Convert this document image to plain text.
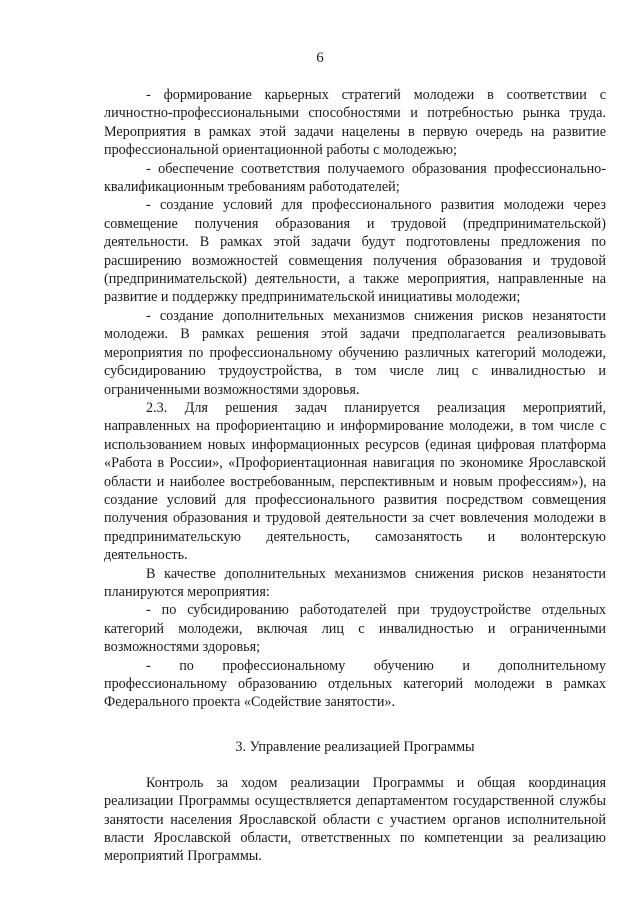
6

- формирование карьерных стратегий молодежи в соответствии с личностно-профессиональными способностями и потребностью рынка труда. Мероприятия в рамках этой задачи нацелены в первую очередь на развитие профессиональной ориентационной работы с молодежью;

- обеспечение соответствия получаемого образования профессионально-квалификационным требованиям работодателей;

- создание условий для профессионального развития молодежи через совмещение получения образования и трудовой (предпринимательской) деятельности. В рамках этой задачи будут подготовлены предложения по расширению возможностей совмещения получения образования и трудовой (предпринимательской) деятельности, а также мероприятия, направленные на развитие и поддержку предпринимательской инициативы молодежи;

- создание дополнительных механизмов снижения рисков незанятости молодежи. В рамках решения этой задачи предполагается реализовывать мероприятия по профессиональному обучению различных категорий молодежи, субсидированию трудоустройства, в том числе лиц с инвалидностью и ограниченными возможностями здоровья.

2.3. Для решения задач планируется реализация мероприятий, направленных на профориентацию и информирование молодежи, в том числе с использованием новых информационных ресурсов (единая цифровая платформа «Работа в России», «Профориентационная навигация по экономике Ярославской области и наиболее востребованным, перспективным и новым профессиям»), на создание условий для профессионального развития посредством совмещения получения образования и трудовой деятельности за счет вовлечения молодежи в предпринимательскую деятельность, самозанятость и волонтерскую деятельность.

В качестве дополнительных механизмов снижения рисков незанятости планируются мероприятия:

- по субсидированию работодателей при трудоустройстве отдельных категорий молодежи, включая лиц с инвалидностью и ограниченными возможностями здоровья;

- по профессиональному обучению и дополнительному профессиональному образованию отдельных категорий молодежи в рамках Федерального проекта «Содействие занятости».

3. Управление реализацией Программы

Контроль за ходом реализации Программы и общая координация реализации Программы осуществляется департаментом государственной службы занятости населения Ярославской области с участием органов исполнительной власти Ярославской области, ответственных по компетенции за реализацию мероприятий Программы.
